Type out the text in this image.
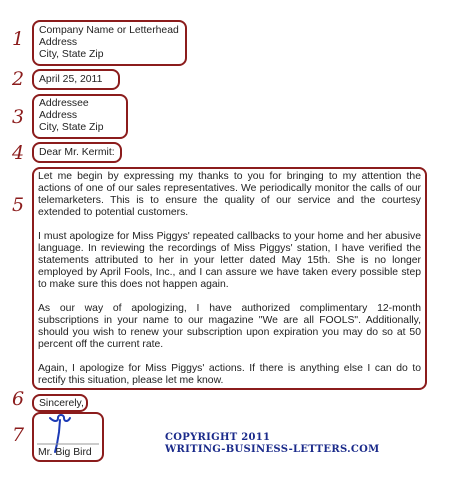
1
2
3
4
5
6
7
Company Name or Letterhead
Address
City, State Zip
April 25, 2011
Addressee
Address
City, State Zip
Dear Mr. Kermit:

Let me begin by expressing my thanks to you for bringing to my attention the actions of one of our sales representatives. We periodically monitor the calls of our telemarketers. This is to ensure the quality of our service and the courtesy extended to potential customers.

I must apologize for Miss Piggys' repeated callbacks to your home and her abusive language. In reviewing the recordings of Miss Piggys' station, I have verified the statements attributed to her in your letter dated May 15th. She is no longer employed by April Fools, Inc., and I can assure we have taken every possible step to make sure this does not happen again.

As our way of apologizing, I have authorized complimentary 12-month subscriptions in your name to our magazine "We are all FOOLS". Additionally, should you wish to renew your subscription upon expiration you may do so at 50 percent off the current rate.

Again, I apologize for Miss Piggys' actions. If there is anything else I can do to rectify this situation, please let me know.

Sincerely,
Mr. Big Bird
COPYRIGHT 2011
WRITING-BUSINESS-LETTERS.COM
